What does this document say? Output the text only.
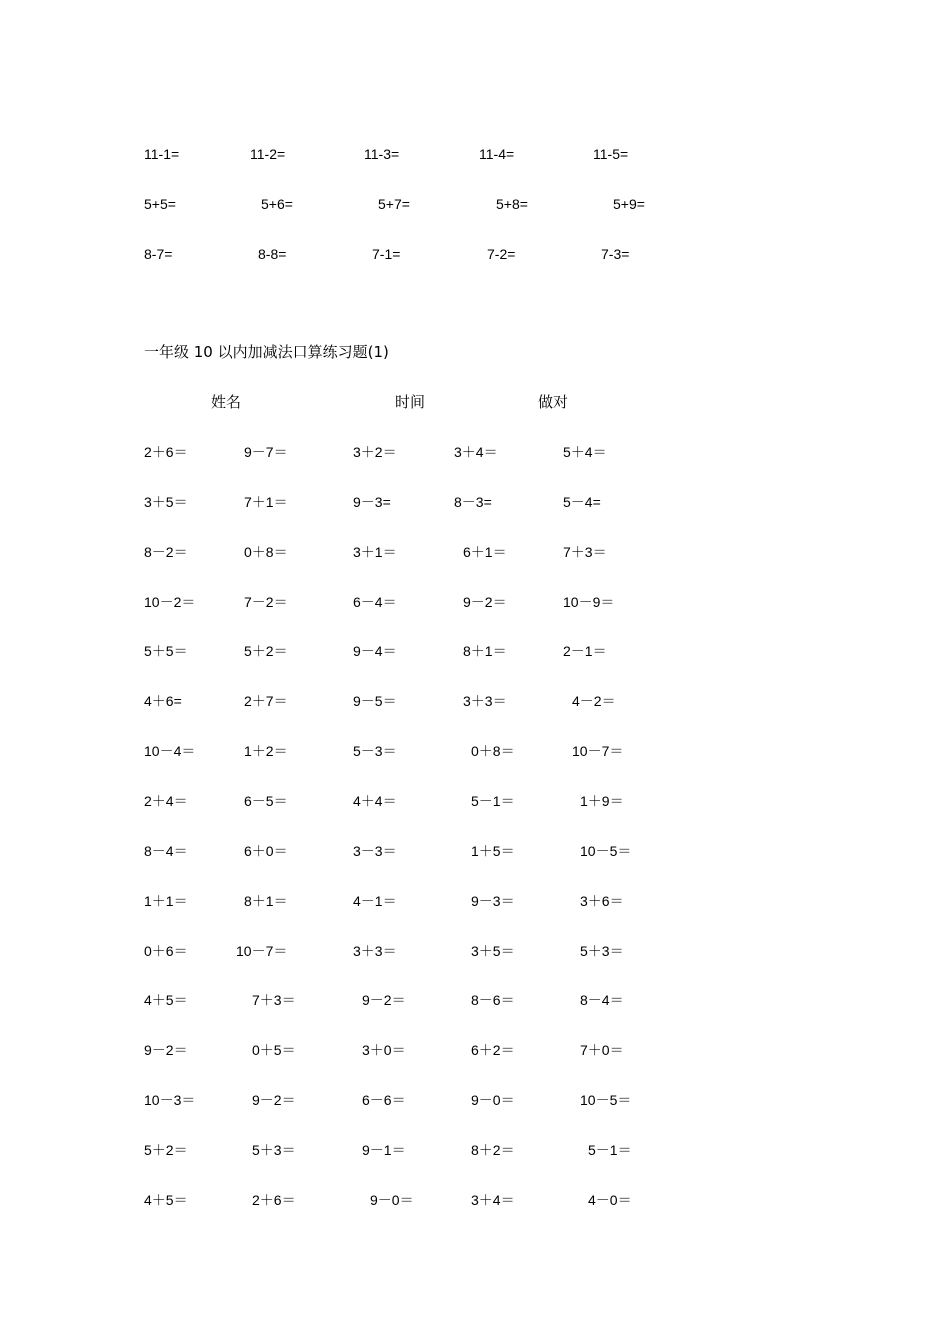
11-1=	11-2=	11-3=	11-4=	11-5=
5+5=	5+6=	5+7=	5+8=	5+9=
8-7=	8-8=	7-1=	7-2=	7-3=
一年级 10 以内加减法口算练习题(1)
姓名	时间	做对
2＋6＝	9－7＝	3＋2＝	3＋4＝	5＋4＝
3＋5＝	7＋1＝	9－3=	8－3=	5－4=
8－2＝	0＋8＝	3＋1＝	6＋1＝	7＋3＝
10－2＝	7－2＝	6－4＝	9－2＝	10－9＝
5＋5＝	5＋2＝	9－4＝	8＋1＝	2－1＝
4＋6=	2＋7＝	9－5＝	3＋3＝	4－2＝
10－4＝	1＋2＝	5－3＝	0＋8＝	10－7＝
2＋4＝	6－5＝	4＋4＝	5－1＝	1＋9＝
8－4＝	6＋0＝	3－3＝	1＋5＝	10－5＝
1＋1＝	8＋1＝	4－1＝	9－3＝	3＋6＝
0＋6＝	10－7＝	3＋3＝	3＋5＝	5＋3＝
4＋5＝	7＋3＝	9－2＝	8－6＝	8－4＝
9－2＝	0＋5＝	3＋0＝	6＋2＝	7＋0＝
10－3＝	9－2＝	6－6＝	9－0＝	10－5＝
5＋2＝	5＋3＝	9－1＝	8＋2＝	5－1＝
4＋5＝	2＋6＝	9－0＝	3＋4＝	4－0＝
